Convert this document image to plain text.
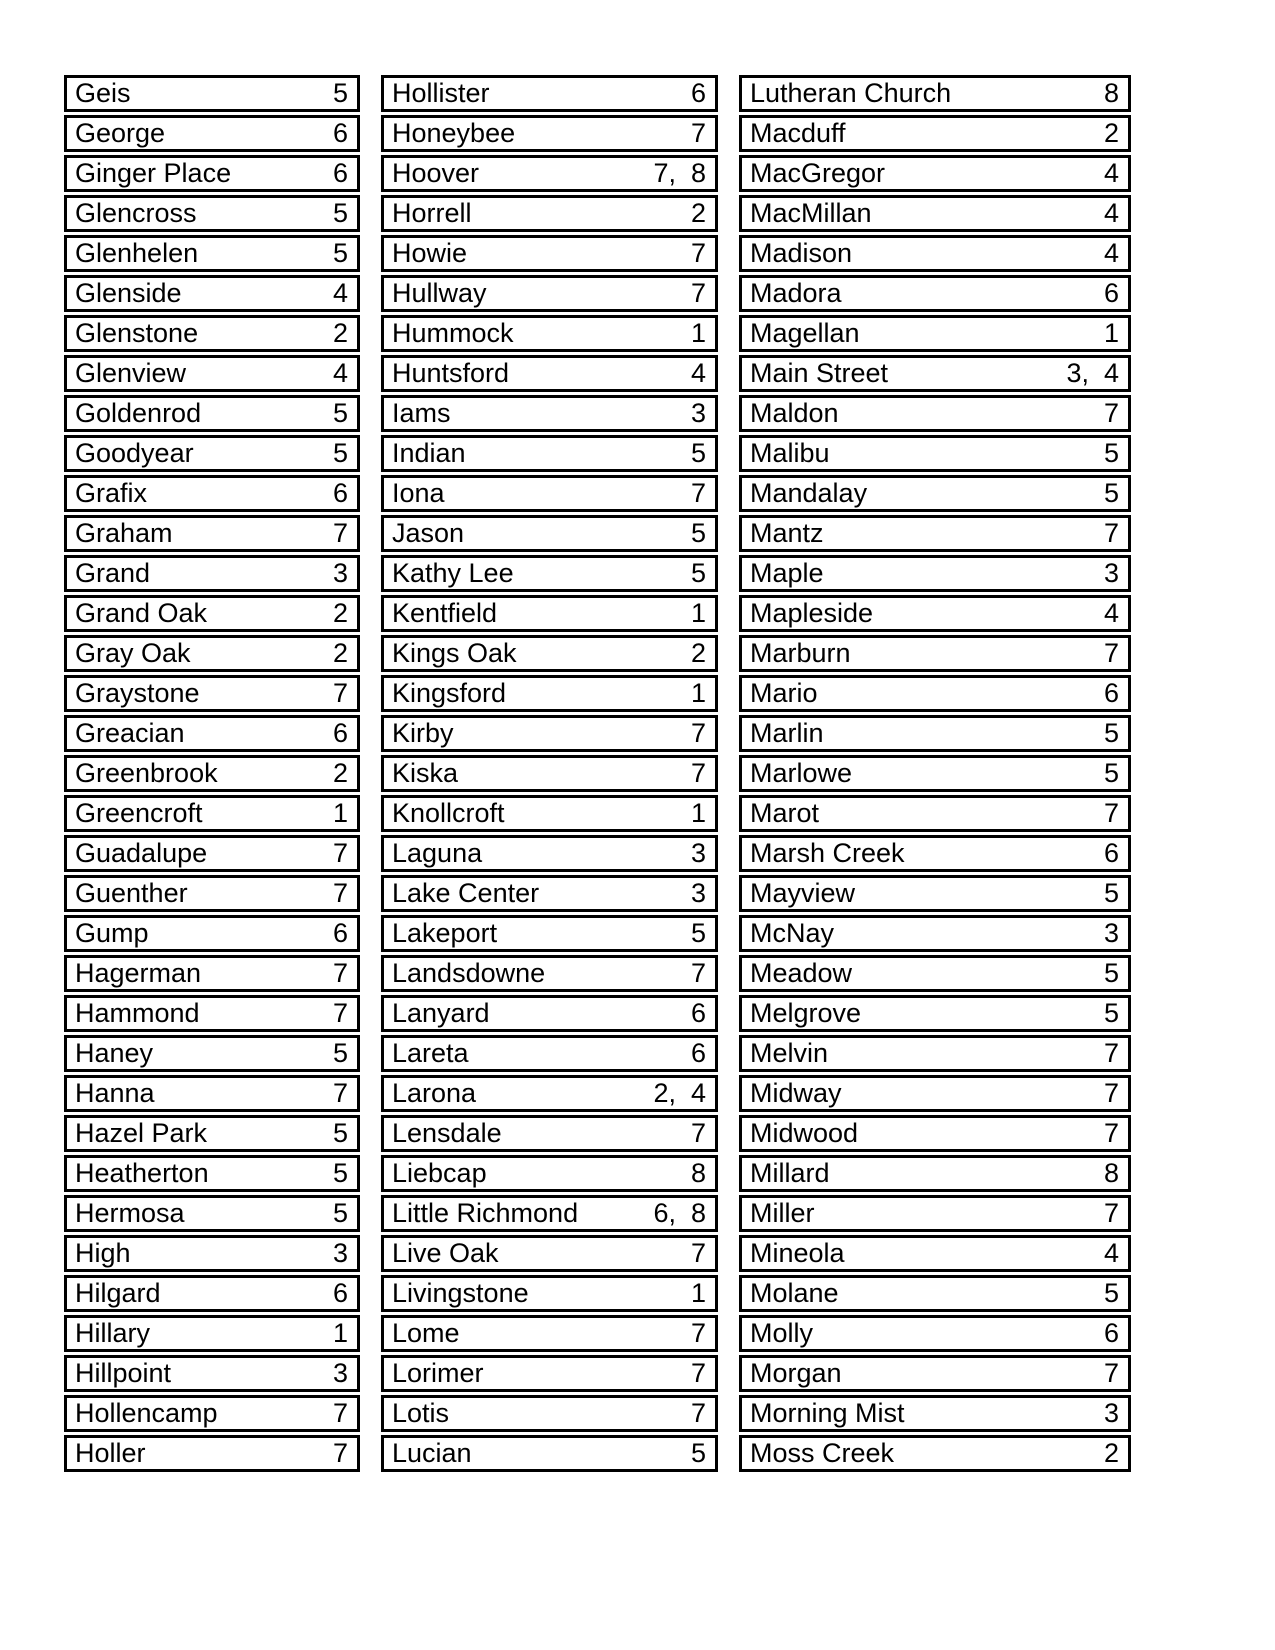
Geis	5
George	6
Ginger Place	6
Glencross	5
Glenhelen	5
Glenside	4
Glenstone	2
Glenview	4
Goldenrod	5
Goodyear	5
Grafix	6
Graham	7
Grand	3
Grand Oak	2
Gray Oak	2
Graystone	7
Greacian	6
Greenbrook	2
Greencroft	1
Guadalupe	7
Guenther	7
Gump	6
Hagerman	7
Hammond	7
Haney	5
Hanna	7
Hazel Park	5
Heatherton	5
Hermosa	5
High	3
Hilgard	6
Hillary	1
Hillpoint	3
Hollencamp	7
Holler	7
Hollister	6
Honeybee	7
Hoover	7,  8
Horrell	2
Howie	7
Hullway	7
Hummock	1
Huntsford	4
Iams	3
Indian	5
Iona	7
Jason	5
Kathy Lee	5
Kentfield	1
Kings Oak	2
Kingsford	1
Kirby	7
Kiska	7
Knollcroft	1
Laguna	3
Lake Center	3
Lakeport	5
Landsdowne	7
Lanyard	6
Lareta	6
Larona	2,  4
Lensdale	7
Liebcap	8
Little Richmond	6,  8
Live Oak	7
Livingstone	1
Lome	7
Lorimer	7
Lotis	7
Lucian	5
Lutheran Church	8
Macduff	2
MacGregor	4
MacMillan	4
Madison	4
Madora	6
Magellan	1
Main Street	3,  4
Maldon	7
Malibu	5
Mandalay	5
Mantz	7
Maple	3
Mapleside	4
Marburn	7
Mario	6
Marlin	5
Marlowe	5
Marot	7
Marsh Creek	6
Mayview	5
McNay	3
Meadow	5
Melgrove	5
Melvin	7
Midway	7
Midwood	7
Millard	8
Miller	7
Mineola	4
Molane	5
Molly	6
Morgan	7
Morning Mist	3
Moss Creek	2
